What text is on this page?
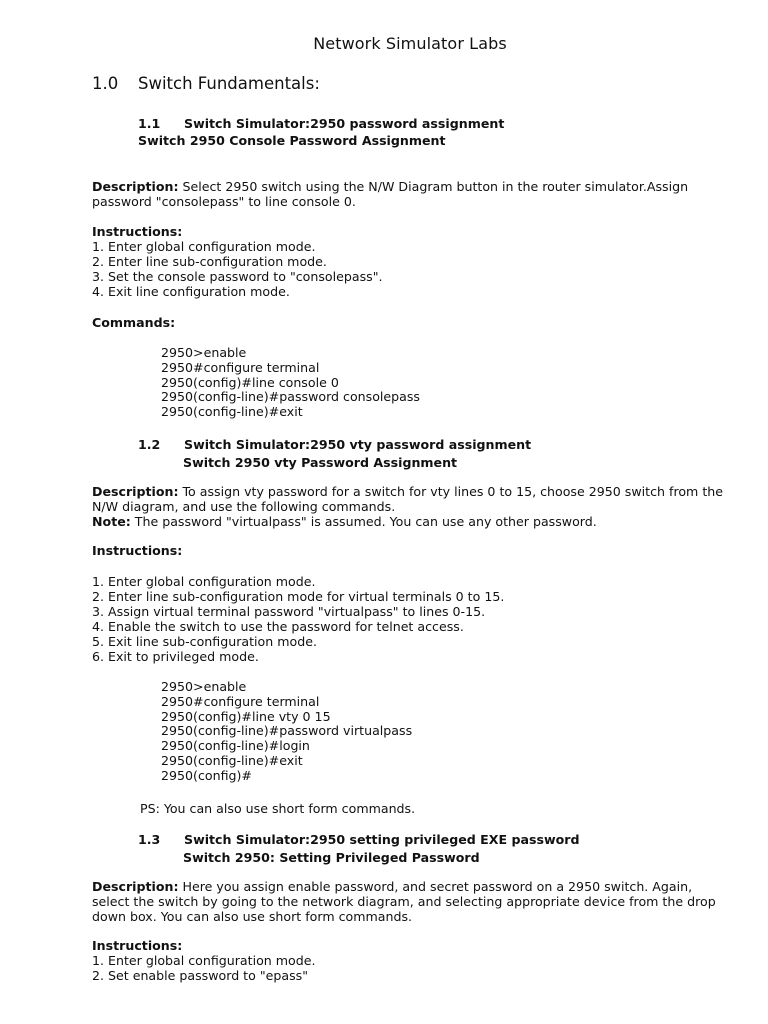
Network Simulator Labs
1.0 Switch Fundamentals:
1.1 Switch Simulator:2950 password assignment
Switch 2950 Console Password Assignment
Description: Select 2950 switch using the N/W Diagram button in the router simulator.Assign password "consolepass" to line console 0.
Instructions:
1. Enter global configuration mode.
2. Enter line sub-configuration mode.
3. Set the console password to "consolepass".
4. Exit line configuration mode.
Commands:
2950>enable
2950#configure terminal
2950(config)#line console 0
2950(config-line)#password consolepass
2950(config-line)#exit
1.2 Switch Simulator:2950 vty password assignment
Switch 2950 vty Password Assignment
Description: To assign vty password for a switch for vty lines 0 to 15, choose 2950 switch from the N/W diagram, and use the following commands.
Note: The password "virtualpass" is assumed. You can use any other password.
Instructions:
1. Enter global configuration mode.
2. Enter line sub-configuration mode for virtual terminals 0 to 15.
3. Assign virtual terminal password "virtualpass" to lines 0-15.
4. Enable the switch to use the password for telnet access.
5. Exit line sub-configuration mode.
6. Exit to privileged mode.
2950>enable
2950#configure terminal
2950(config)#line vty 0 15
2950(config-line)#password virtualpass
2950(config-line)#login
2950(config-line)#exit
2950(config)#
PS: You can also use short form commands.
1.3 Switch Simulator:2950 setting privileged EXE password
Switch 2950: Setting Privileged Password
Description: Here you assign enable password, and secret password on a 2950 switch. Again, select the switch by going to the network diagram, and selecting appropriate device from the drop down box. You can also use short form commands.
Instructions:
1. Enter global configuration mode.
2. Set enable password to "epass"
